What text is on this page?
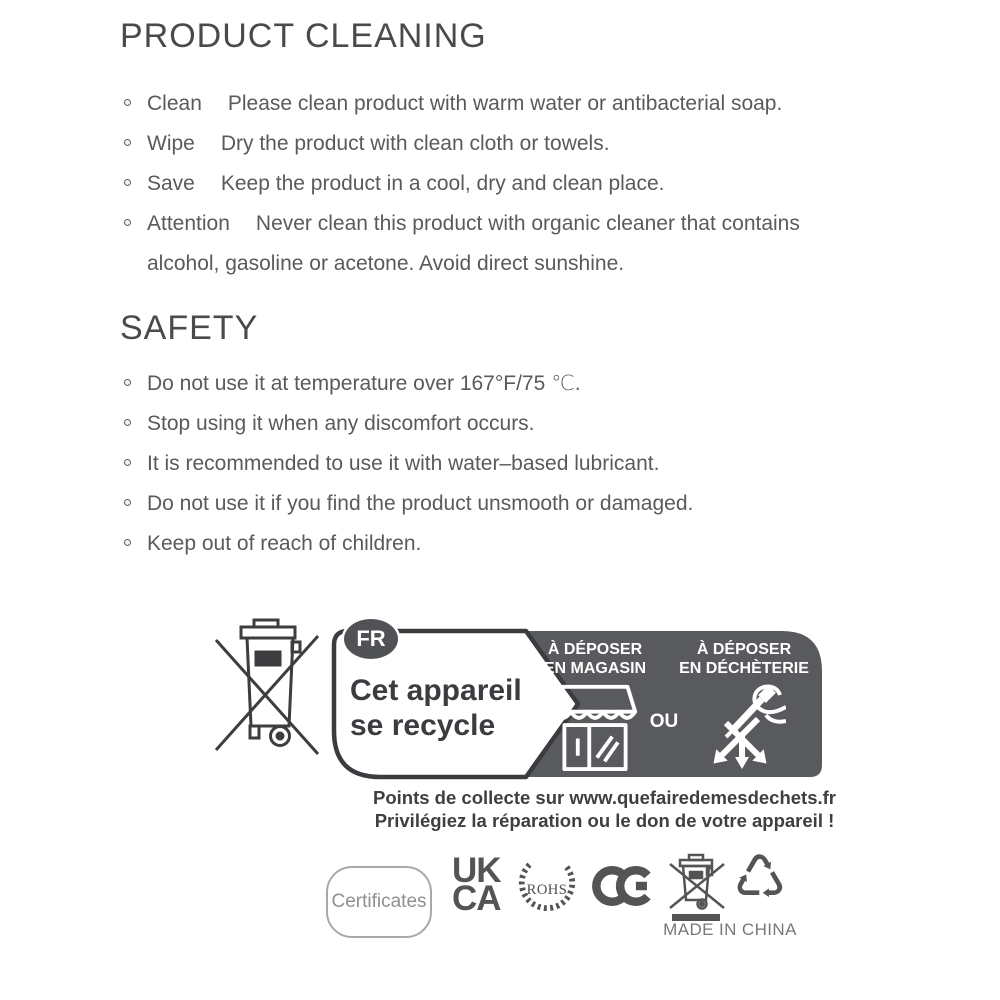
PRODUCT CLEANING
Clean Please clean product with warm water or antibacterial soap.
Wipe Dry the product with clean cloth or towels.
Save Keep the product in a cool, dry and clean place.
Attention Never clean this product with organic cleaner that contains alcohol, gasoline or acetone. Avoid direct sunshine.
SAFETY
Do not use it at temperature over 167°F/75 ℃.
Stop using it when any discomfort occurs.
It is recommended to use it with water–based lubricant.
Do not use it if you find the product unsmooth or damaged.
Keep out of reach of children.
FR
Cet appareil
se recycle
À DÉPOSER
EN MAGASIN
OU
À DÉPOSER
EN DÉCHÈTERIE
Points de collecte sur www.quefairedemesdechets.fr
Privilégiez la réparation ou le don de votre appareil !
Certificates
UK
CA ROHS	♺
MADE IN CHINA
